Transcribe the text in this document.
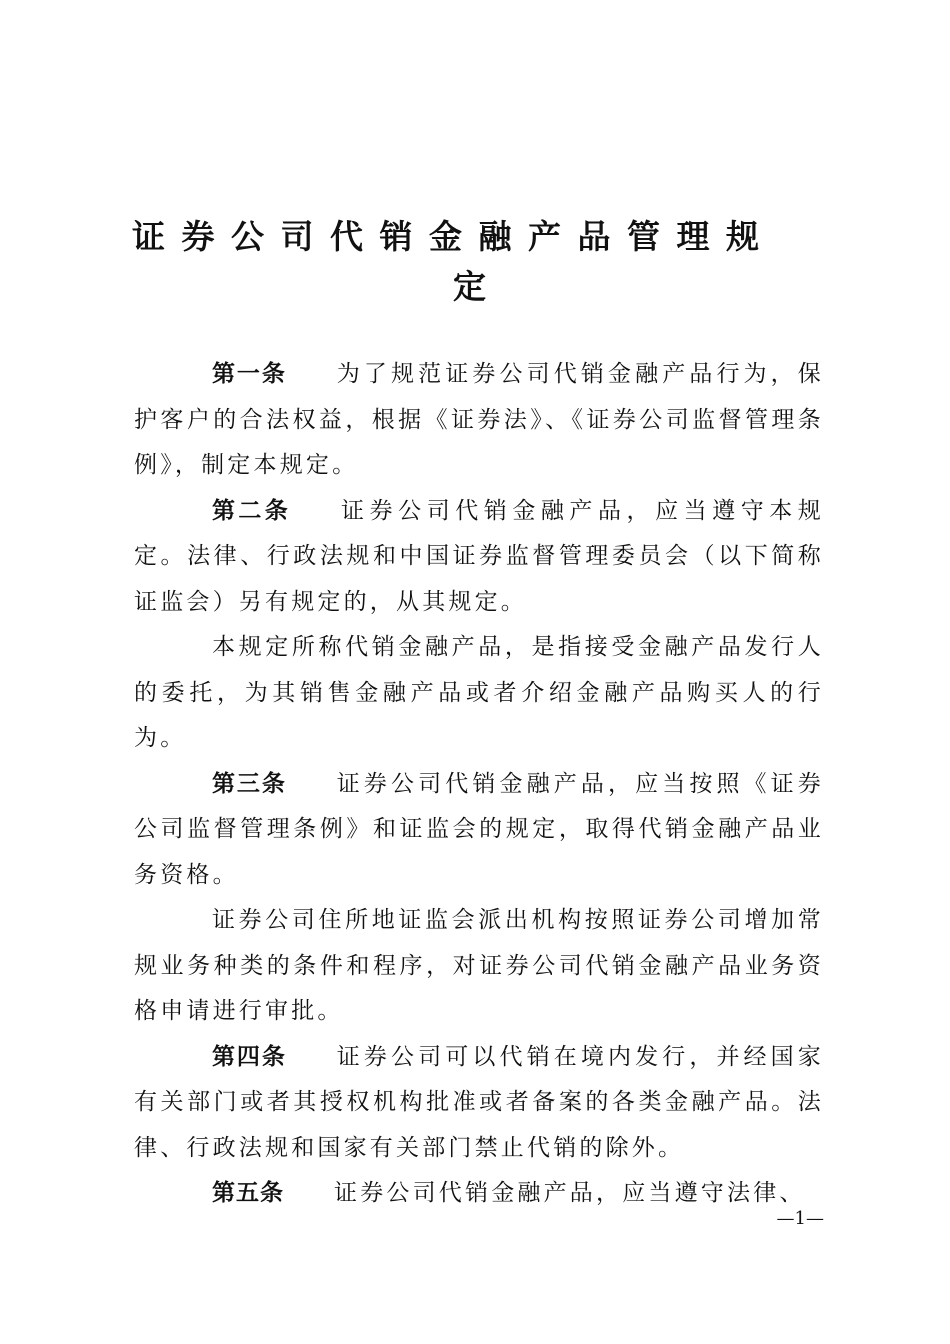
证券公司代销金融产品管理规
定

第一条 为了规范证券公司代销金融产品行为，保护客户的合法权益，根据《证券法》、《证券公司监督管理条例》，制定本规定。

第二条 证券公司代销金融产品，应当遵守本规定。法律、行政法规和中国证券监督管理委员会（以下简称证监会）另有规定的，从其规定。

本规定所称代销金融产品，是指接受金融产品发行人的委托，为其销售金融产品或者介绍金融产品购买人的行为。

第三条 证券公司代销金融产品，应当按照《证券公司监督管理条例》和证监会的规定，取得代销金融产品业务资格。

证券公司住所地证监会派出机构按照证券公司增加常规业务种类的条件和程序，对证券公司代销金融产品业务资格申请进行审批。

第四条 证券公司可以代销在境内发行，并经国家有关部门或者其授权机构批准或者备案的各类金融产品。法律、行政法规和国家有关部门禁止代销的除外。

第五条 证券公司代销金融产品，应当遵守法律、

—1—
